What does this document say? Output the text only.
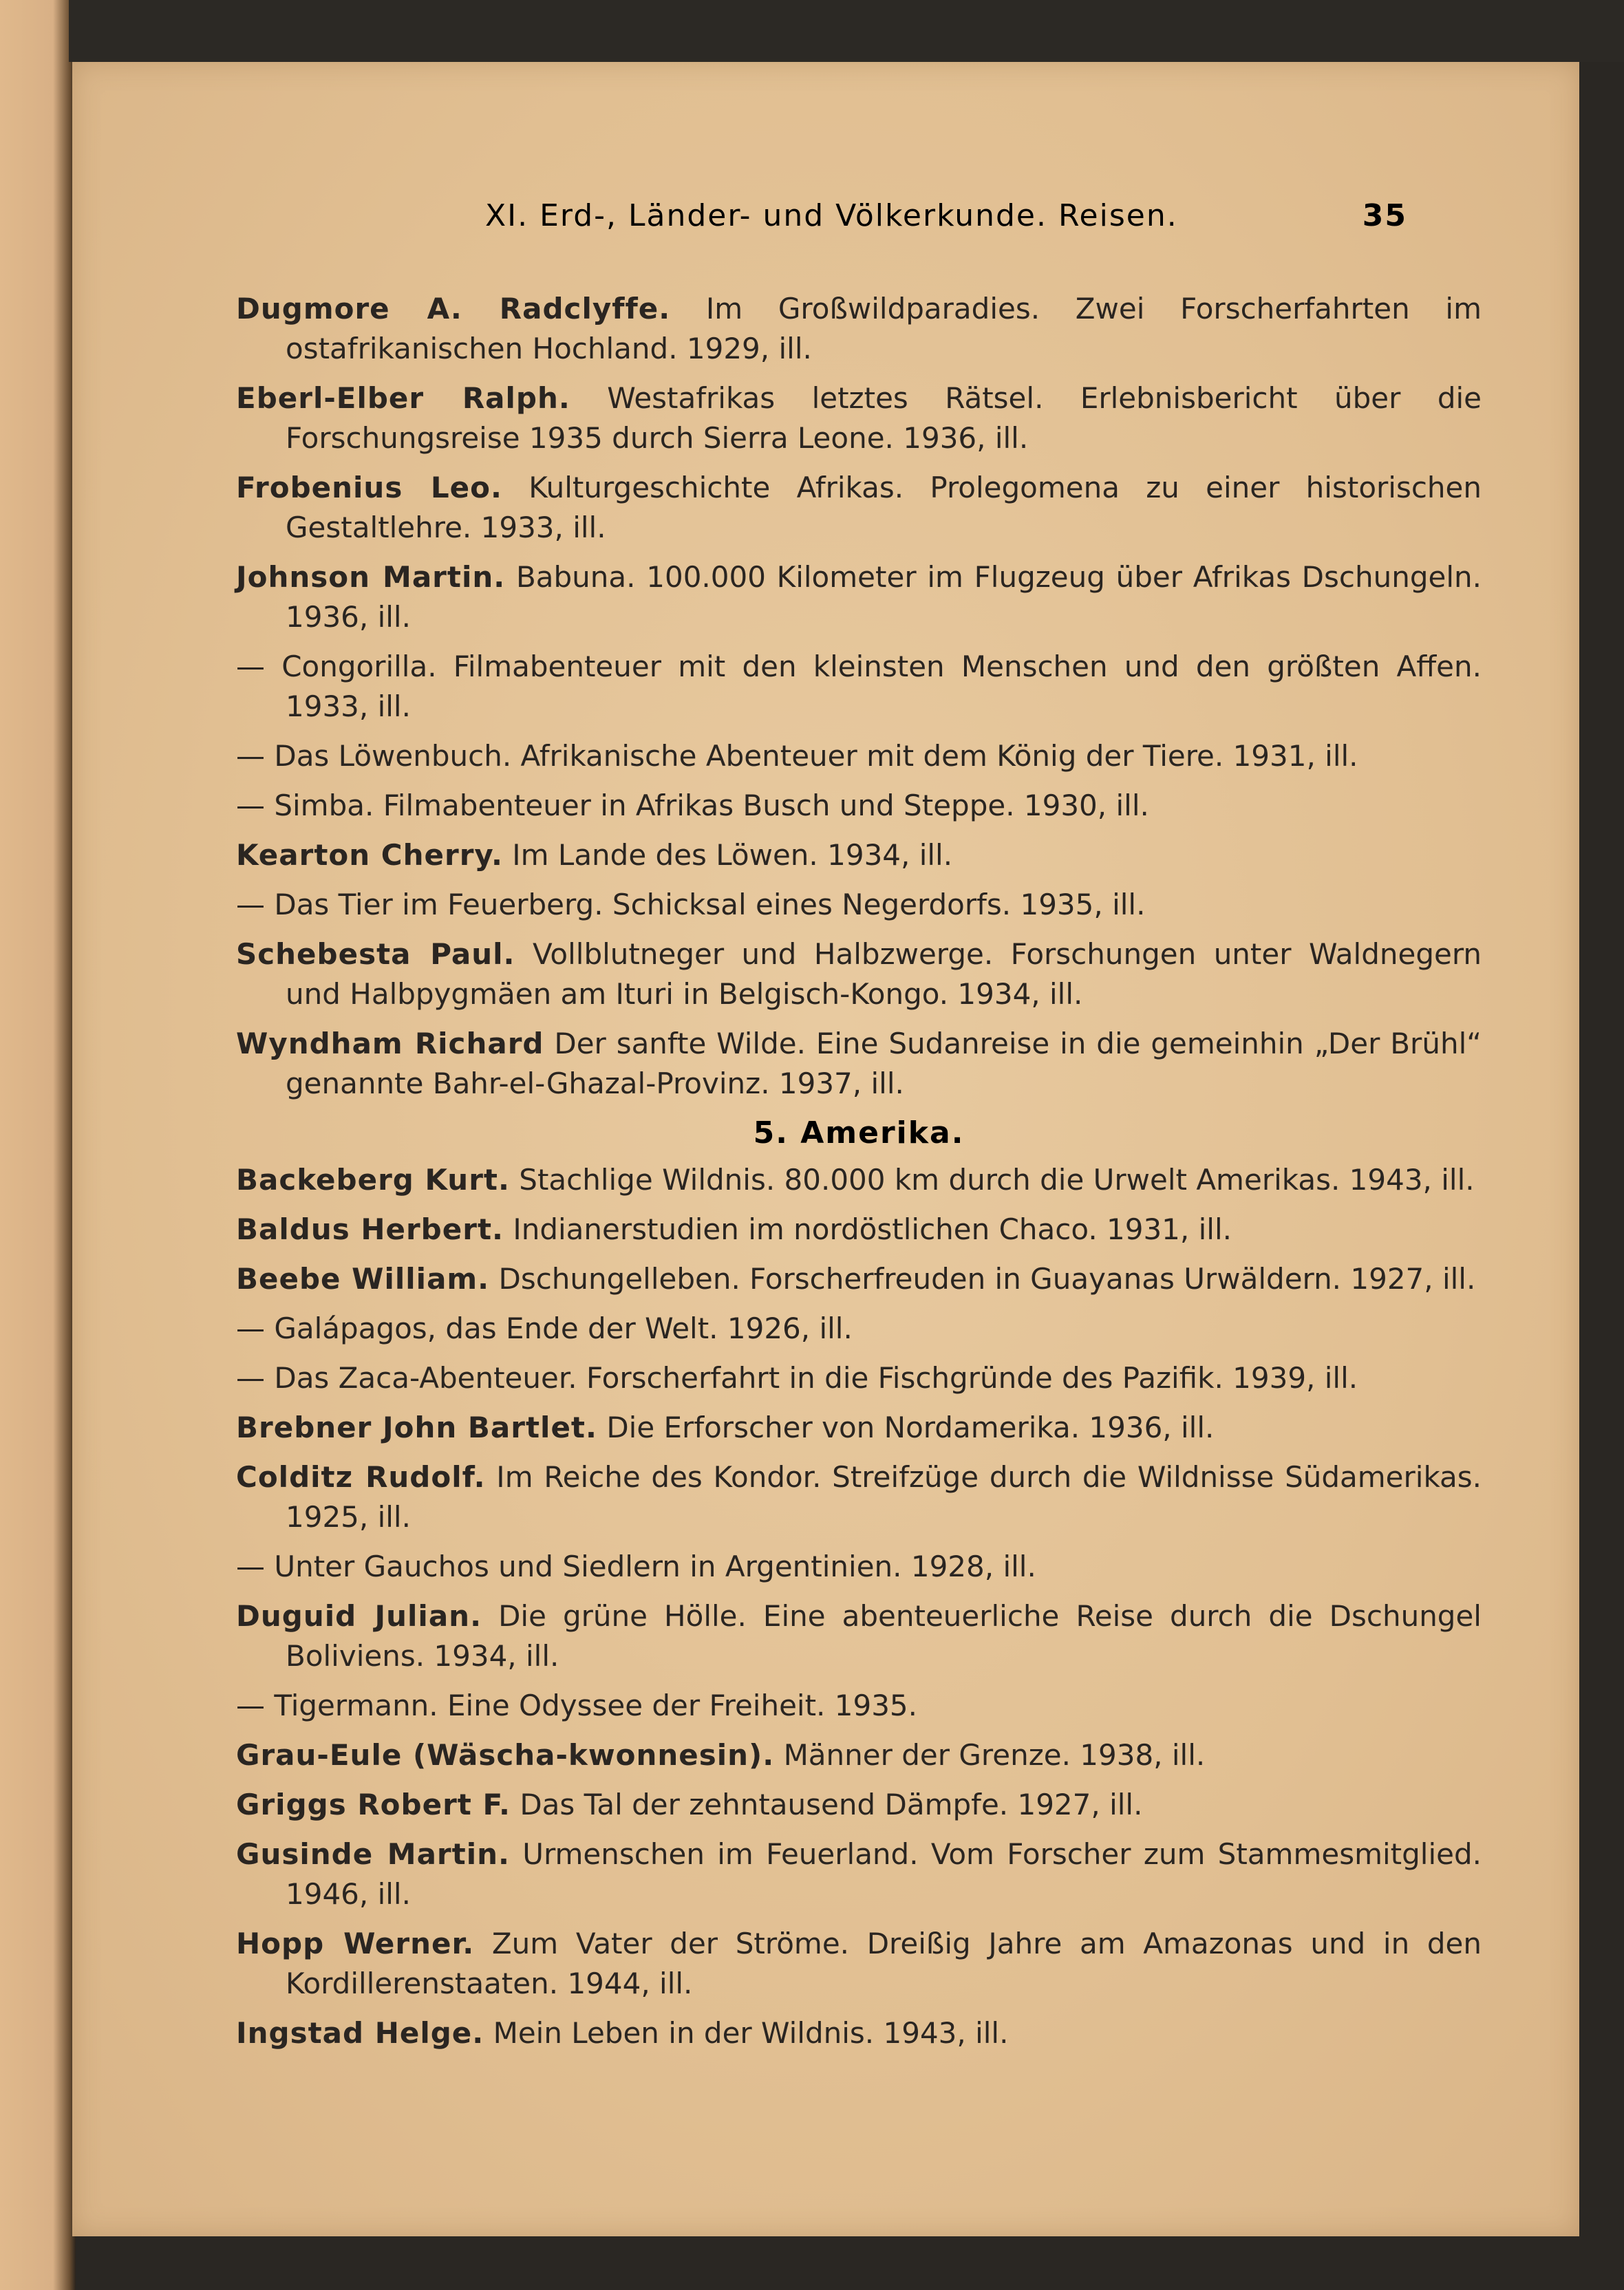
XI. Erd-, Länder- und Völkerkunde. Reisen.	35
Dugmore A. Radclyffe. Im Großwildparadies. Zwei Forscherfahrten im ostafrikanischen Hochland. 1929, ill.
Eberl-Elber Ralph. Westafrikas letztes Rätsel. Erlebnisbericht über die Forschungsreise 1935 durch Sierra Leone. 1936, ill.
Frobenius Leo. Kulturgeschichte Afrikas. Prolegomena zu einer historischen Gestaltlehre. 1933, ill.
Johnson Martin. Babuna. 100.000 Kilometer im Flugzeug über Afrikas Dschungeln. 1936, ill.
— Congorilla. Filmabenteuer mit den kleinsten Menschen und den größten Affen. 1933, ill.
— Das Löwenbuch. Afrikanische Abenteuer mit dem König der Tiere. 1931, ill.
— Simba. Filmabenteuer in Afrikas Busch und Steppe. 1930, ill.
Kearton Cherry. Im Lande des Löwen. 1934, ill.
— Das Tier im Feuerberg. Schicksal eines Negerdorfs. 1935, ill.
Schebesta Paul. Vollblutneger und Halbzwerge. Forschungen unter Waldnegern und Halbpygmäen am Ituri in Belgisch-Kongo. 1934, ill.
Wyndham Richard Der sanfte Wilde. Eine Sudanreise in die gemeinhin „Der Brühl“ genannte Bahr-el-Ghazal-Provinz. 1937, ill.
5. Amerika.
Backeberg Kurt. Stachlige Wildnis. 80.000 km durch die Urwelt Amerikas. 1943, ill.
Baldus Herbert. Indianerstudien im nordöstlichen Chaco. 1931, ill.
Beebe William. Dschungelleben. Forscherfreuden in Guayanas Urwäldern. 1927, ill.
— Galápagos, das Ende der Welt. 1926, ill.
— Das Zaca-Abenteuer. Forscherfahrt in die Fischgründe des Pazifik. 1939, ill.
Brebner John Bartlet. Die Erforscher von Nordamerika. 1936, ill.
Colditz Rudolf. Im Reiche des Kondor. Streifzüge durch die Wildnisse Südamerikas. 1925, ill.
— Unter Gauchos und Siedlern in Argentinien. 1928, ill.
Duguid Julian. Die grüne Hölle. Eine abenteuerliche Reise durch die Dschungel Boliviens. 1934, ill.
— Tigermann. Eine Odyssee der Freiheit. 1935.
Grau-Eule (Wäscha-kwonnesin). Männer der Grenze. 1938, ill.
Griggs Robert F. Das Tal der zehntausend Dämpfe. 1927, ill.
Gusinde Martin. Urmenschen im Feuerland. Vom Forscher zum Stammesmitglied. 1946, ill.
Hopp Werner. Zum Vater der Ströme. Dreißig Jahre am Amazonas und in den Kordillerenstaaten. 1944, ill.
Ingstad Helge. Mein Leben in der Wildnis. 1943, ill.
